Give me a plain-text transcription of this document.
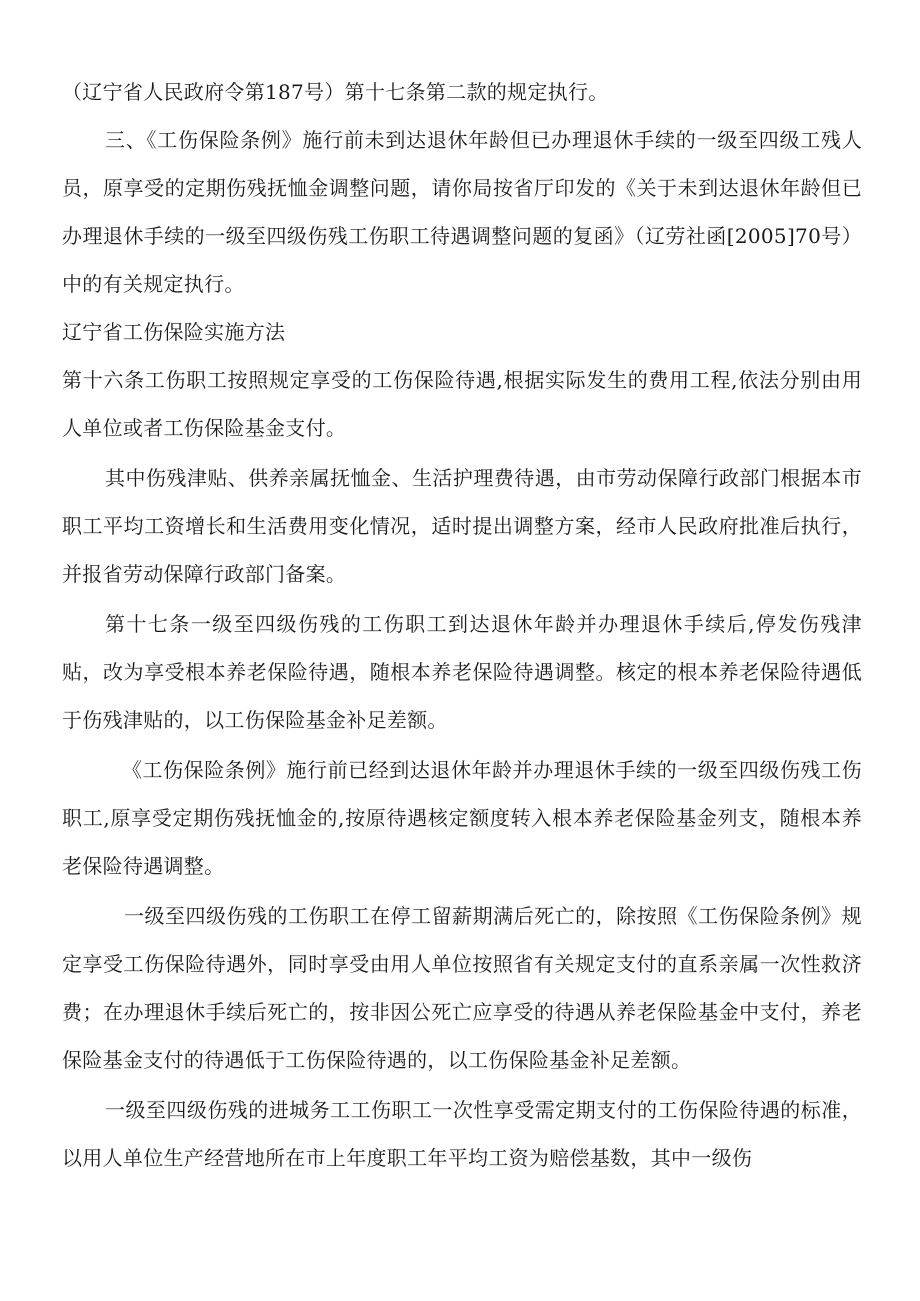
（辽宁省人民政府令第187号）第十七条第二款的规定执行。

三、《工伤保险条例》施行前未到达退休年龄但已办理退休手续的一级至四级工残人员，原享受的定期伤残抚恤金调整问题，请你局按省厅印发的《关于未到达退休年龄但已办理退休手续的一级至四级伤残工伤职工待遇调整问题的复函》（辽劳社函[2005]70号）中的有关规定执行。

辽宁省工伤保险实施方法

第十六条工伤职工按照规定享受的工伤保险待遇,根据实际发生的费用工程,依法分别由用人单位或者工伤保险基金支付。

其中伤残津贴、供养亲属抚恤金、生活护理费待遇，由市劳动保障行政部门根据本市职工平均工资增长和生活费用变化情况，适时提出调整方案，经市人民政府批准后执行，并报省劳动保障行政部门备案。

第十七条一级至四级伤残的工伤职工到达退休年龄并办理退休手续后,停发伤残津贴，改为享受根本养老保险待遇，随根本养老保险待遇调整。核定的根本养老保险待遇低于伤残津贴的，以工伤保险基金补足差额。

《工伤保险条例》施行前已经到达退休年龄并办理退休手续的一级至四级伤残工伤职工,原享受定期伤残抚恤金的,按原待遇核定额度转入根本养老保险基金列支，随根本养老保险待遇调整。

一级至四级伤残的工伤职工在停工留薪期满后死亡的，除按照《工伤保险条例》规定享受工伤保险待遇外，同时享受由用人单位按照省有关规定支付的直系亲属一次性救济费；在办理退休手续后死亡的，按非因公死亡应享受的待遇从养老保险基金中支付，养老保险基金支付的待遇低于工伤保险待遇的，以工伤保险基金补足差额。

一级至四级伤残的进城务工工伤职工一次性享受需定期支付的工伤保险待遇的标准，以用人单位生产经营地所在市上年度职工年平均工资为赔偿基数，其中一级伤
